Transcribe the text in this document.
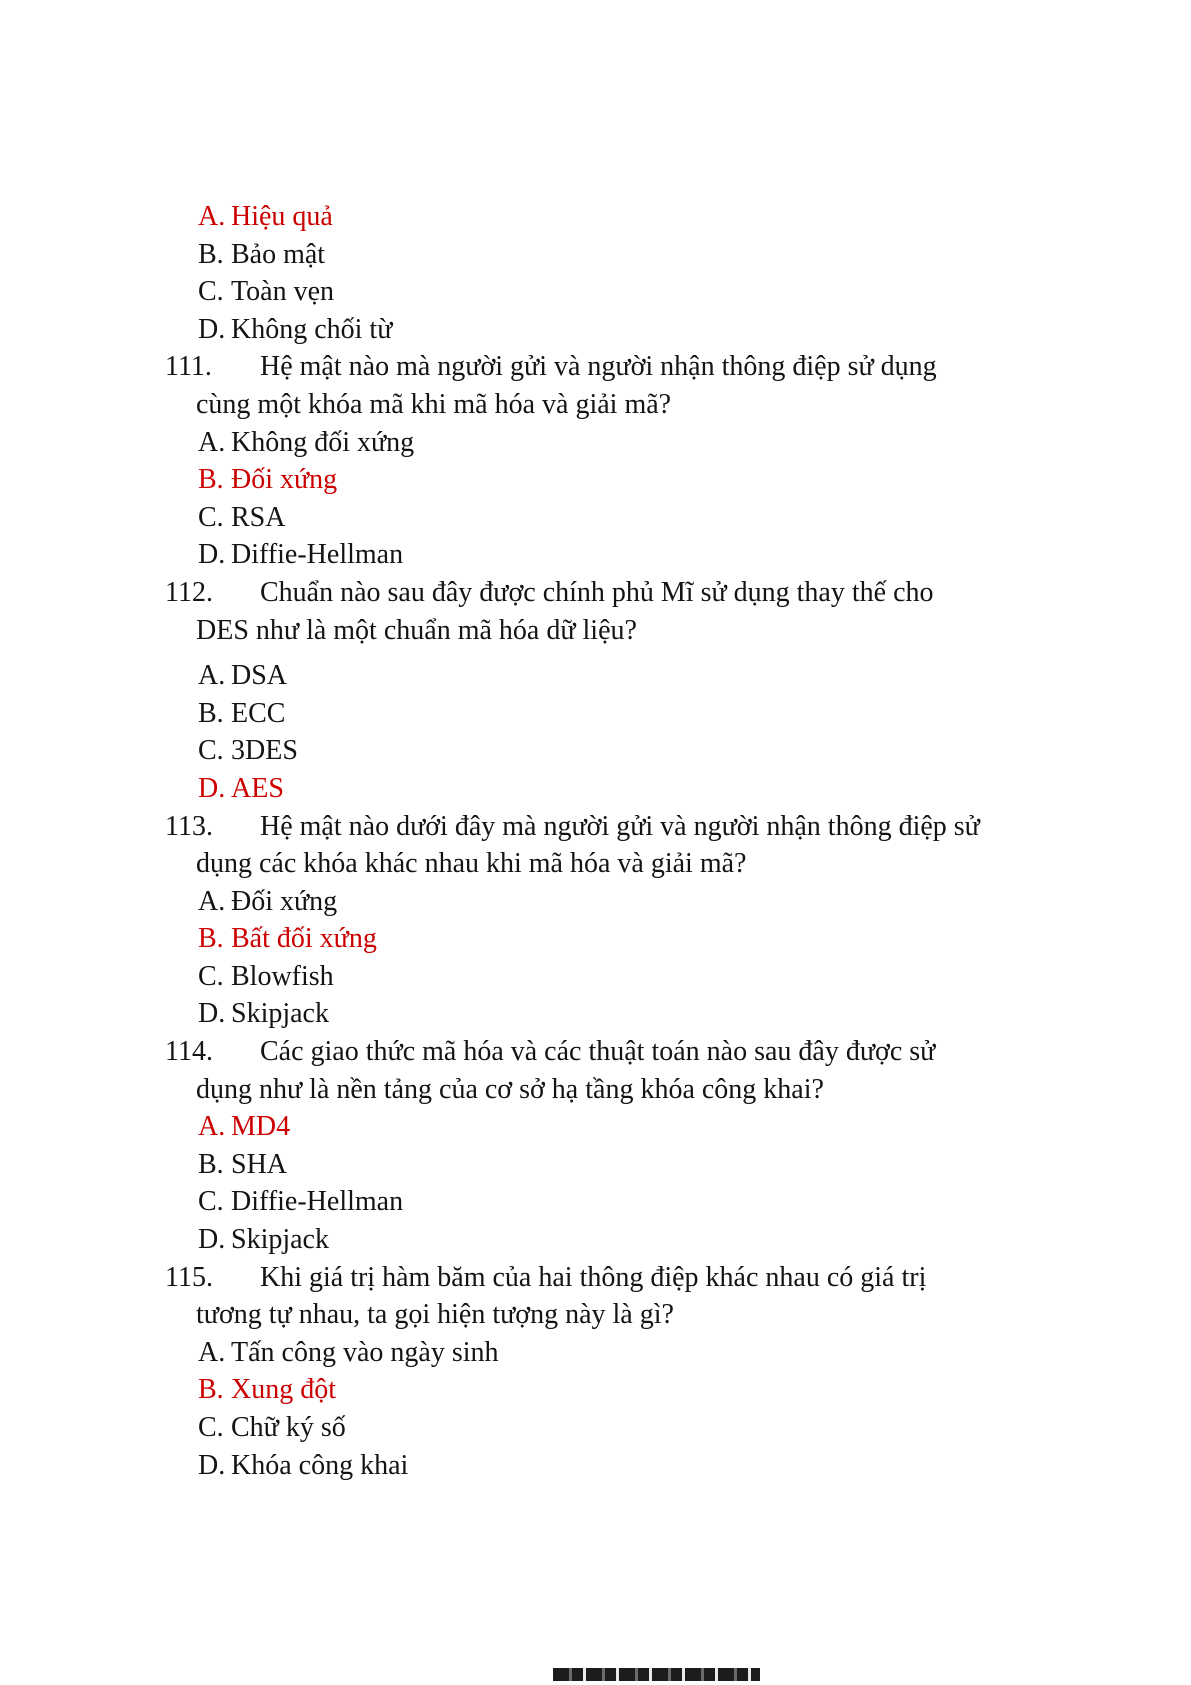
A. Hiệu quả
B. Bảo mật
C. Toàn vẹn
D. Không chối từ
111. Hệ mật nào mà người gửi và người nhận thông điệp sử dụng cùng một khóa mã khi mã hóa và giải mã?
A. Không đối xứng
B. Đối xứng
C. RSA
D. Diffie-Hellman
112. Chuẩn nào sau đây được chính phủ Mĩ sử dụng thay thế cho DES như là một chuẩn mã hóa dữ liệu?
A. DSA
B. ECC
C. 3DES
D. AES
113. Hệ mật nào dưới đây mà người gửi và người nhận thông điệp sử dụng các khóa khác nhau khi mã hóa và giải mã?
A. Đối xứng
B. Bất đối xứng
C. Blowfish
D. Skipjack
114. Các giao thức mã hóa và các thuật toán nào sau đây được sử dụng như là nền tảng của cơ sở hạ tầng khóa công khai?
A. MD4
B. SHA
C. Diffie-Hellman
D. Skipjack
115. Khi giá trị hàm băm của hai thông điệp khác nhau có giá trị tương tự nhau, ta gọi hiện tượng này là gì?
A. Tấn công vào ngày sinh
B. Xung đột
C. Chữ ký số
D. Khóa công khai
